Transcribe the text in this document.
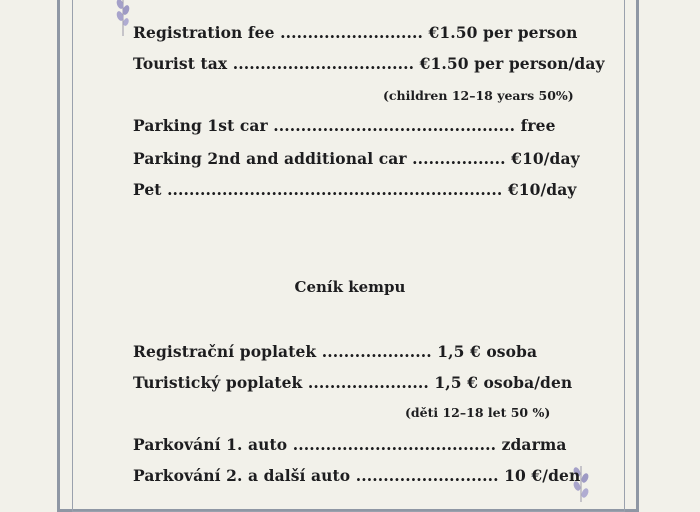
Registration fee .......................... €1.50 per person
Tourist tax ................................. €1.50 per person/day
(children 12–18 years 50%)
Parking 1st car ............................................ free
Parking 2nd and additional car ................. €10/day
Pet ............................................................. €10/day
Ceník kempu
Registrační poplatek .................... 1,5 € osoba
Turistický poplatek ...................... 1,5 € osoba/den
(děti 12–18 let 50 %)
Parkování 1. auto ..................................... zdarma
Parkování 2. a další auto .......................... 10 €/den
